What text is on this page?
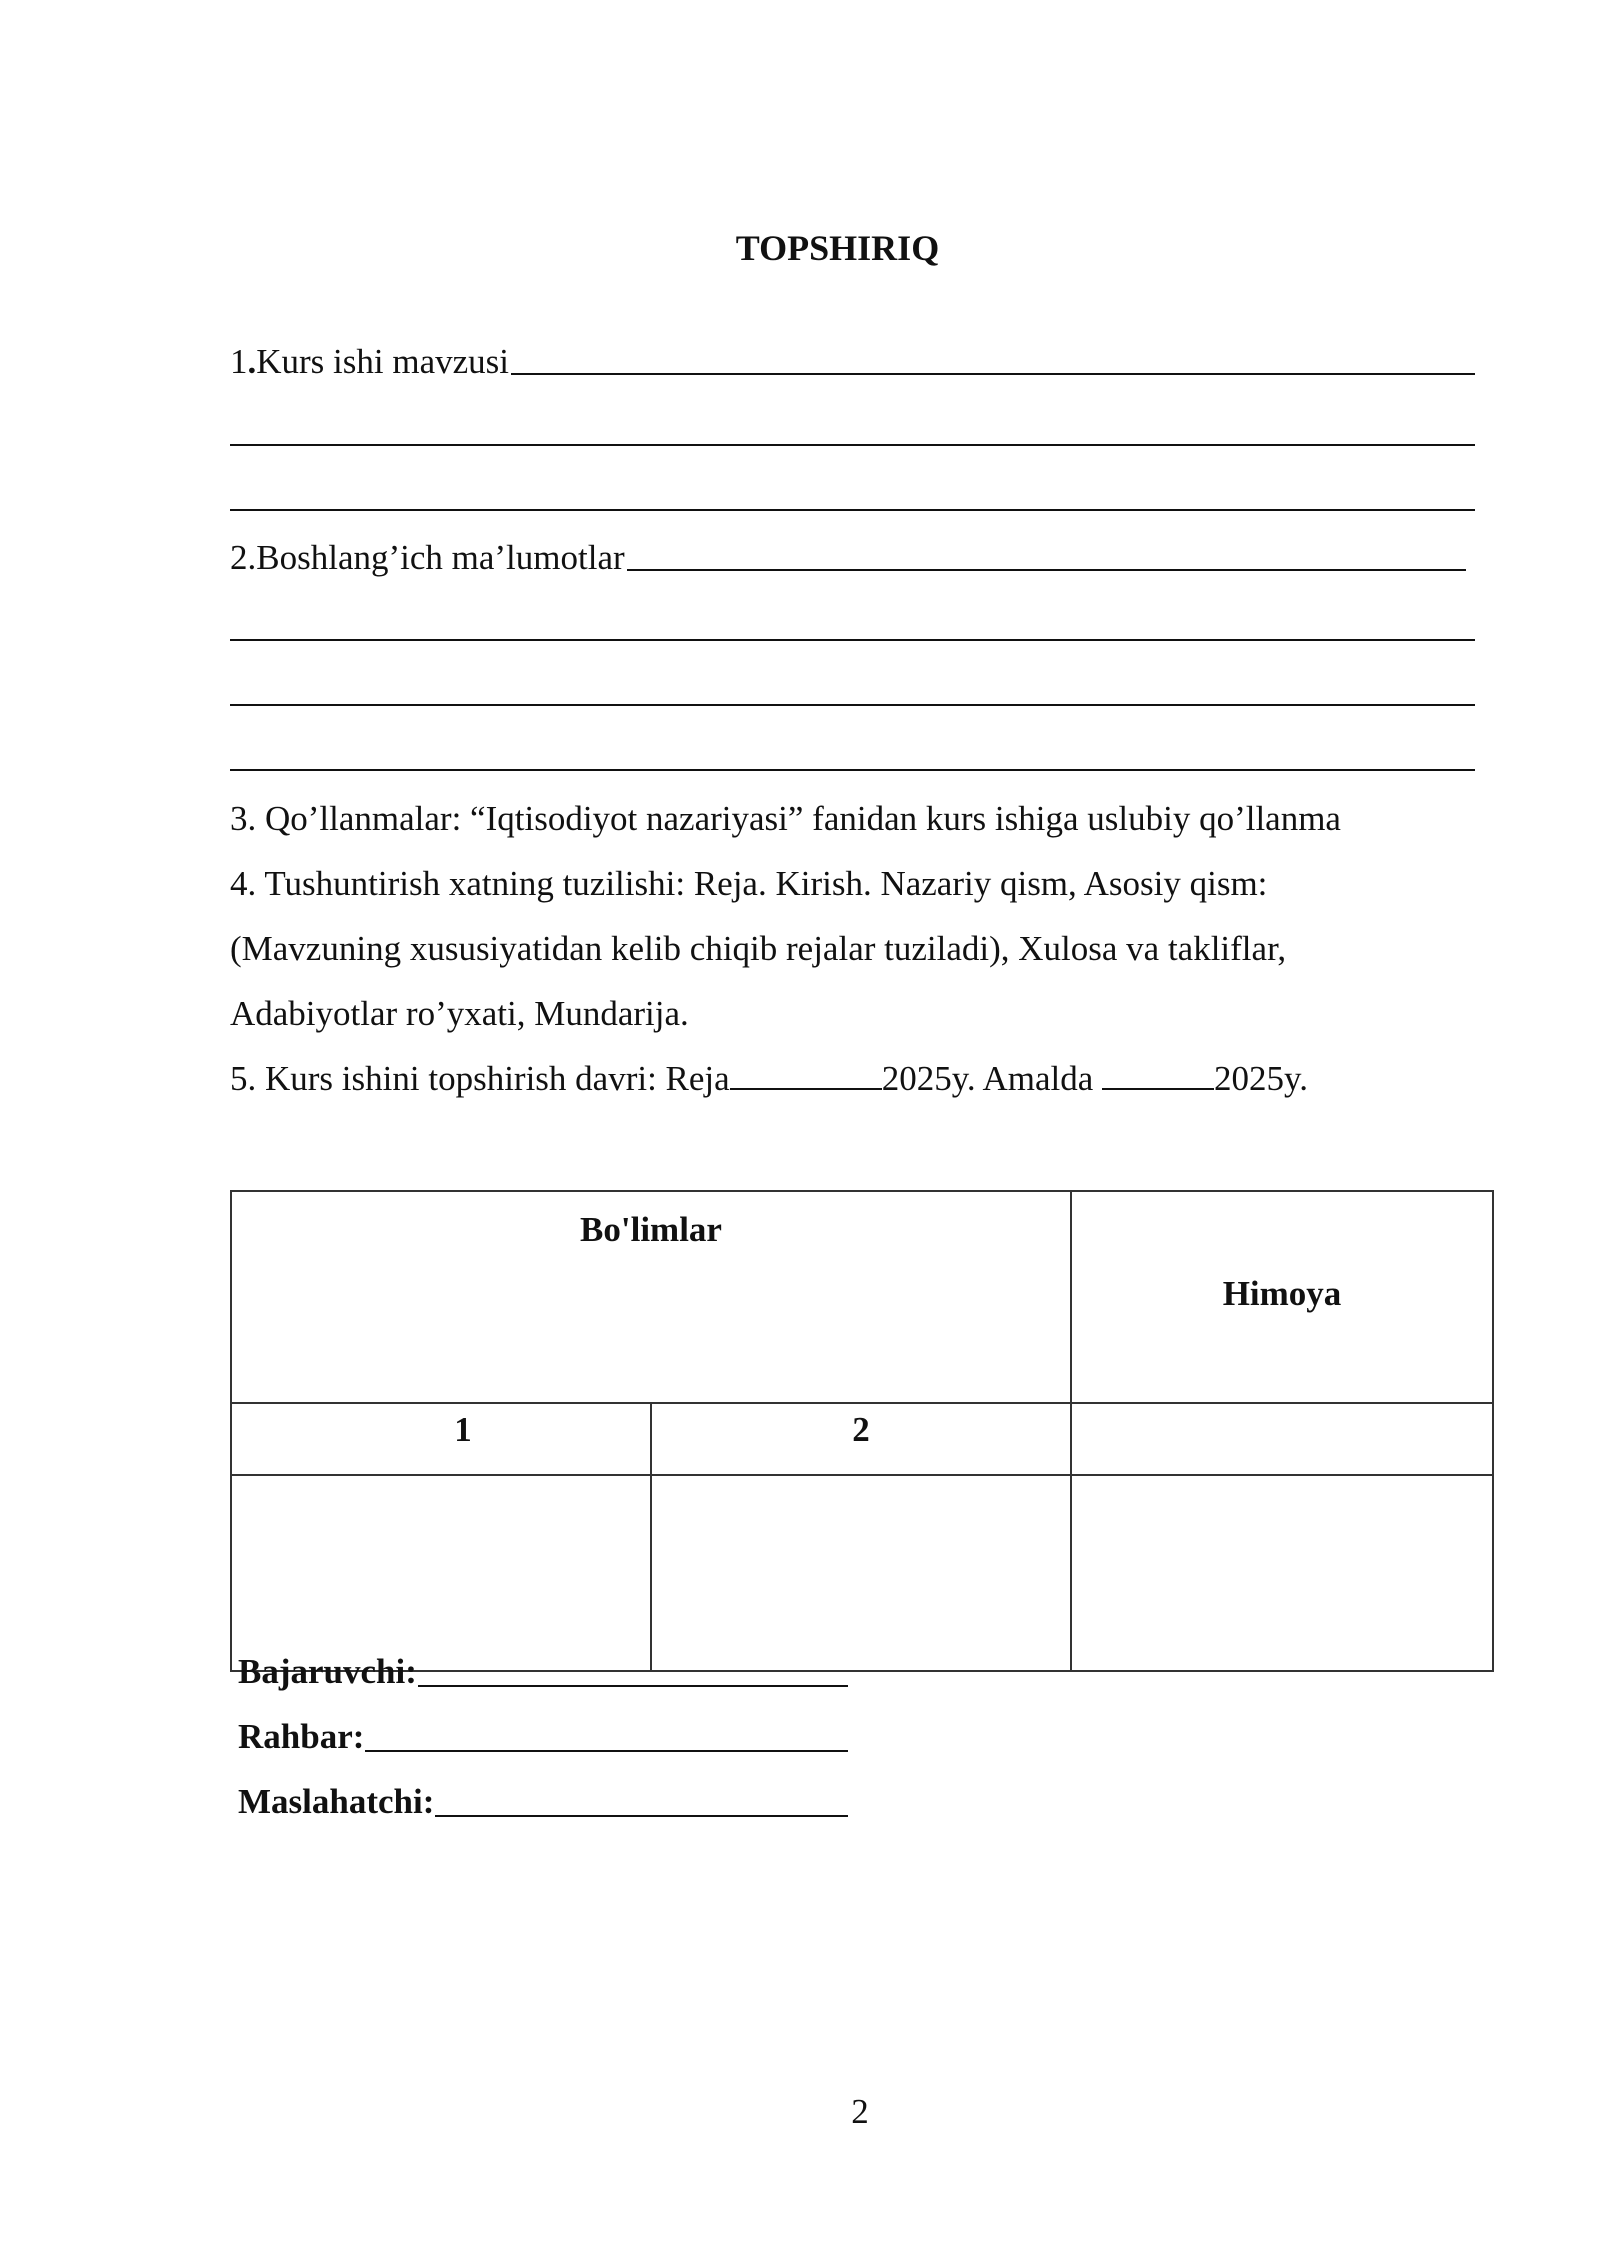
TOPSHIRIQ
1.Kurs ishi mavzusi
2.Boshlang’ich ma’lumotlar
3. Qo’llanmalar: “Iqtisodiyot nazariyasi” fanidan kurs ishiga uslubiy qo’llanma
4. Tushuntirish xatning tuzilishi: Reja. Kirish. Nazariy qism, Asosiy qism:
(Mavzuning xususiyatidan kelib chiqib rejalar tuziladi), Xulosa va takliflar,
Adabiyotlar ro’yxati, Mundarija.
5. Kurs ishini topshirish davri: Reja	2025y. Amalda	2025y.
Bo'limlar		Himoya
1	2	

Bajaruvchi:
Rahbar:
Maslahatchi:
2
